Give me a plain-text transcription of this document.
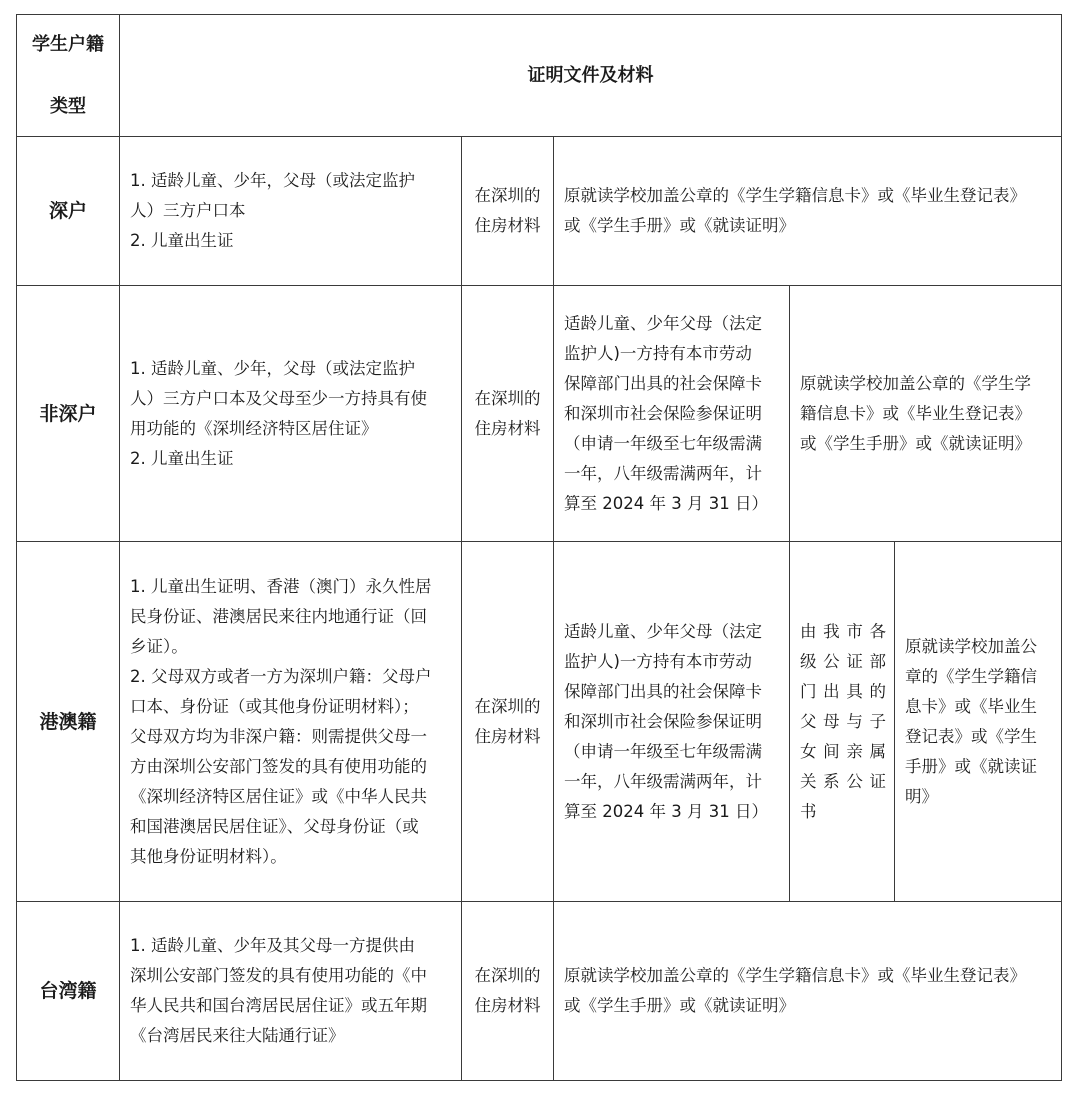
学生户籍
类型
证明文件及材料
深户
1. 适龄儿童、少年，父母（或法定监护
人）三方户口本
2. 儿童出生证
在深圳的
住房材料
原就读学校加盖公章的《学生学籍信息卡》或《毕业生登记表》
或《学生手册》或《就读证明》
非深户
1. 适龄儿童、少年，父母（或法定监护
人）三方户口本及父母至少一方持具有使
用功能的《深圳经济特区居住证》
2. 儿童出生证
在深圳的
住房材料
适龄儿童、少年父母（法定
监护人)一方持有本市劳动
保障部门出具的社会保障卡
和深圳市社会保险参保证明
（申请一年级至七年级需满
一年，八年级需满两年，计
算至 2024 年 3 月 31 日）
原就读学校加盖公章的《学生学
籍信息卡》或《毕业生登记表》
或《学生手册》或《就读证明》
港澳籍
1. 儿童出生证明、香港（澳门）永久性居
民身份证、港澳居民来往内地通行证（回
乡证）。
2. 父母双方或者一方为深圳户籍：父母户
口本、身份证（或其他身份证明材料）；
父母双方均为非深户籍：则需提供父母一
方由深圳公安部门签发的具有使用功能的
《深圳经济特区居住证》或《中华人民共
和国港澳居民居住证》、父母身份证（或
其他身份证明材料）。
在深圳的
住房材料
适龄儿童、少年父母（法定
监护人)一方持有本市劳动
保障部门出具的社会保障卡
和深圳市社会保险参保证明
（申请一年级至七年级需满
一年，八年级需满两年，计
算至 2024 年 3 月 31 日）
由我市各
级公证部
门出具的
父母与子
女间亲属
关系公证
书
原就读学校加盖公
章的《学生学籍信
息卡》或《毕业生
登记表》或《学生
手册》或《就读证
明》
台湾籍
1. 适龄儿童、少年及其父母一方提供由
深圳公安部门签发的具有使用功能的《中
华人民共和国台湾居民居住证》或五年期
《台湾居民来往大陆通行证》
在深圳的
住房材料
原就读学校加盖公章的《学生学籍信息卡》或《毕业生登记表》
或《学生手册》或《就读证明》
